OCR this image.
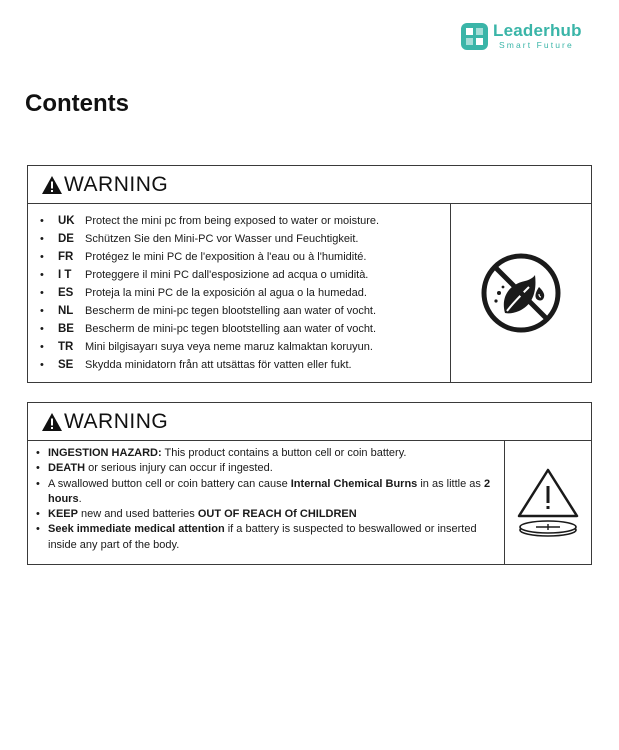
Leaderhub
Smart Future
Contents
WARNING
•	UK Protect the mini pc from being exposed to water or moisture.
•	DE	Schützen Sie den Mini-PC vor Wasser und Feuchtigkeit.
•	FR	Protégez le mini PC de l'exposition à l'eau ou à l'humidité.
•	I T	Proteggere il mini PC dall'esposizione ad acqua o umidità.
•	ES	Proteja la mini PC de la exposición al agua o la humedad.
•	NL	Bescherm de mini-pc tegen blootstelling aan water of vocht.
•	BE	Bescherm de mini-pc tegen blootstelling aan water of vocht.
•	TR	Mini bilgisayarı suya veya neme maruz kalmaktan koruyun.
•	SE	Skydda minidatorn från att utsättas för vatten eller fukt.
WARNING
• INGESTION HAZARD: This product contains a button cell or coin battery.
• DEATH or serious injury can occur if ingested.
• A swallowed button cell or coin battery can cause Internal Chemical Burns in as little as 2 hours.
• KEEP new and used batteries OUT OF REACH Of CHILDREN
• Seek immediate medical attention if a battery is suspected to beswallowed or inserted inside any part of the body.
